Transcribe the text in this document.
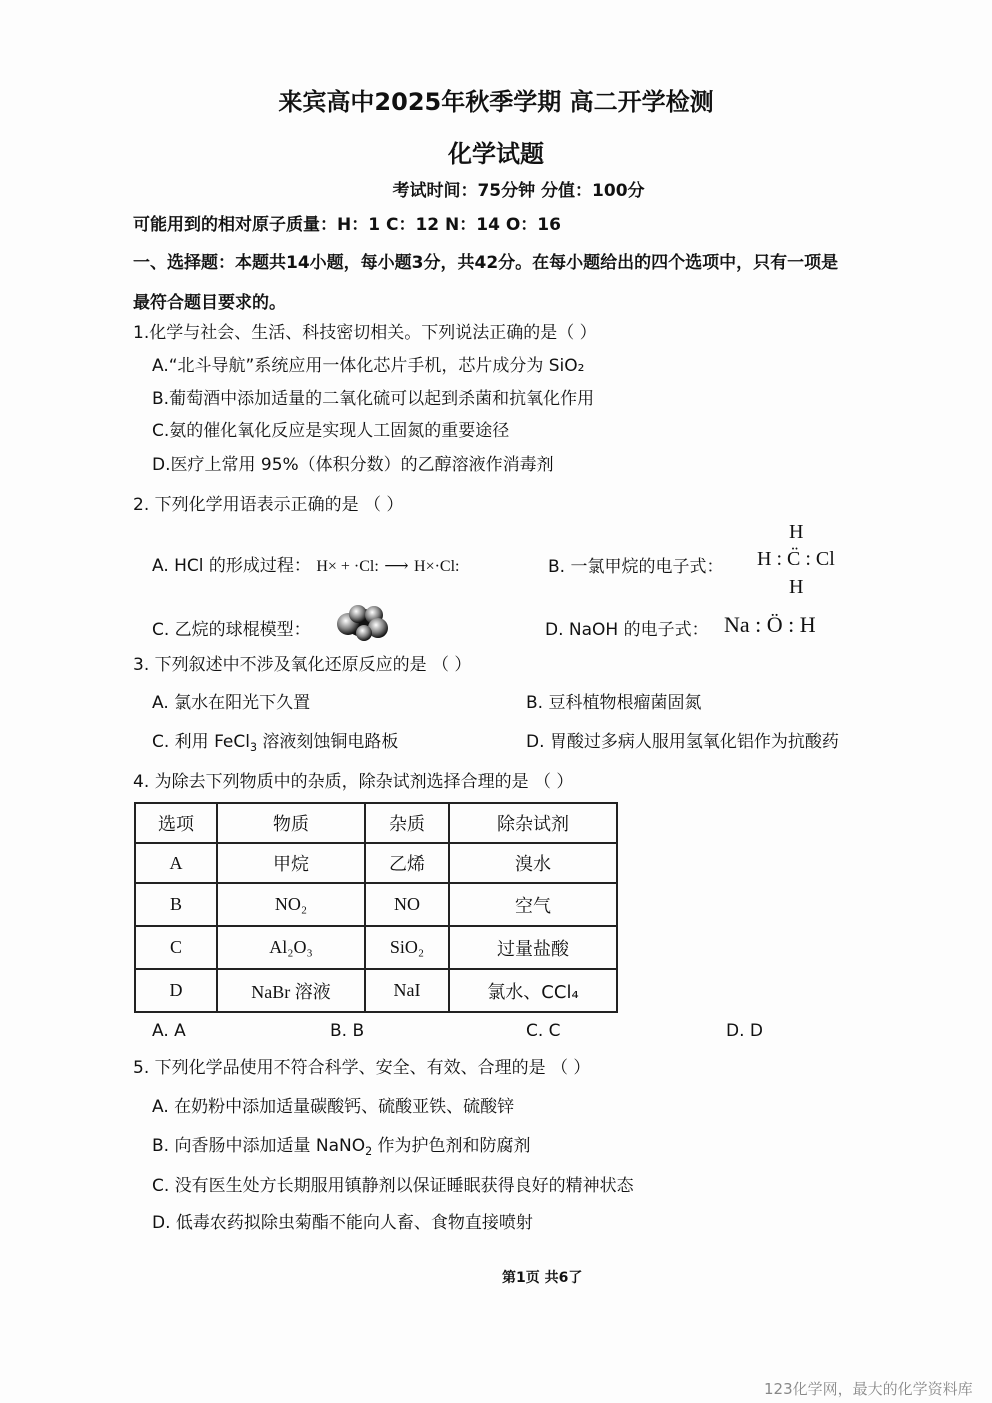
来宾高中2025年秋季学期 高二开学检测
化学试题
考试时间：75分钟 分值：100分
可能用到的相对原子质量：H：1 C：12 N：14 O：16
一、选择题：本题共14小题，每小题3分，共42分。在每小题给出的四个选项中，只有一项是
最符合题目要求的。
1.化学与社会、生活、科技密切相关。下列说法正确的是（ ）
A.“北斗导航”系统应用一体化芯片手机，芯片成分为 SiO₂
B.葡萄酒中添加适量的二氧化硫可以起到杀菌和抗氧化作用
C.氨的催化氧化反应是实现人工固氮的重要途径
D.医疗上常用 95%（体积分数）的乙醇溶液作消毒剂
2. 下列化学用语表示正确的是 （ ）
A. HCl 的形成过程： H× + ·Cl: ⟶ H×·Cl:	B. 一氯甲烷的电子式：
H
H : C̈ : Cl
H
C. 乙烷的球棍模型：	D. NaOH 的电子式： Na : Ö : H
3. 下列叙述中不涉及氧化还原反应的是 （ ）
A. 氯水在阳光下久置	B. 豆科植物根瘤菌固氮
C. 利用 FeCl$_3$ 溶液刻蚀铜电路板	D. 胃酸过多病人服用氢氧化铝作为抗酸药
4. 为除去下列物质中的杂质，除杂试剂选择合理的是 （ ）
选项	物质	杂质	除杂试剂
A	甲烷	乙烯	溴水
B	NO₂	NO	空气
C	Al₂O₃	SiO₂	过量盐酸
D	NaBr 溶液	NaI	氯水、CCl₄
A. A	B. B	C. C	D. D
5. 下列化学品使用不符合科学、安全、有效、合理的是 （ ）
A. 在奶粉中添加适量碳酸钙、硫酸亚铁、硫酸锌
B. 向香肠中添加适量 NaNO$_2$ 作为护色剂和防腐剂
C. 没有医生处方长期服用镇静剂以保证睡眠获得良好的精神状态
D. 低毒农药拟除虫菊酯不能向人畜、食物直接喷射
第1页 共6了
123化学网，最大的化学资料库
